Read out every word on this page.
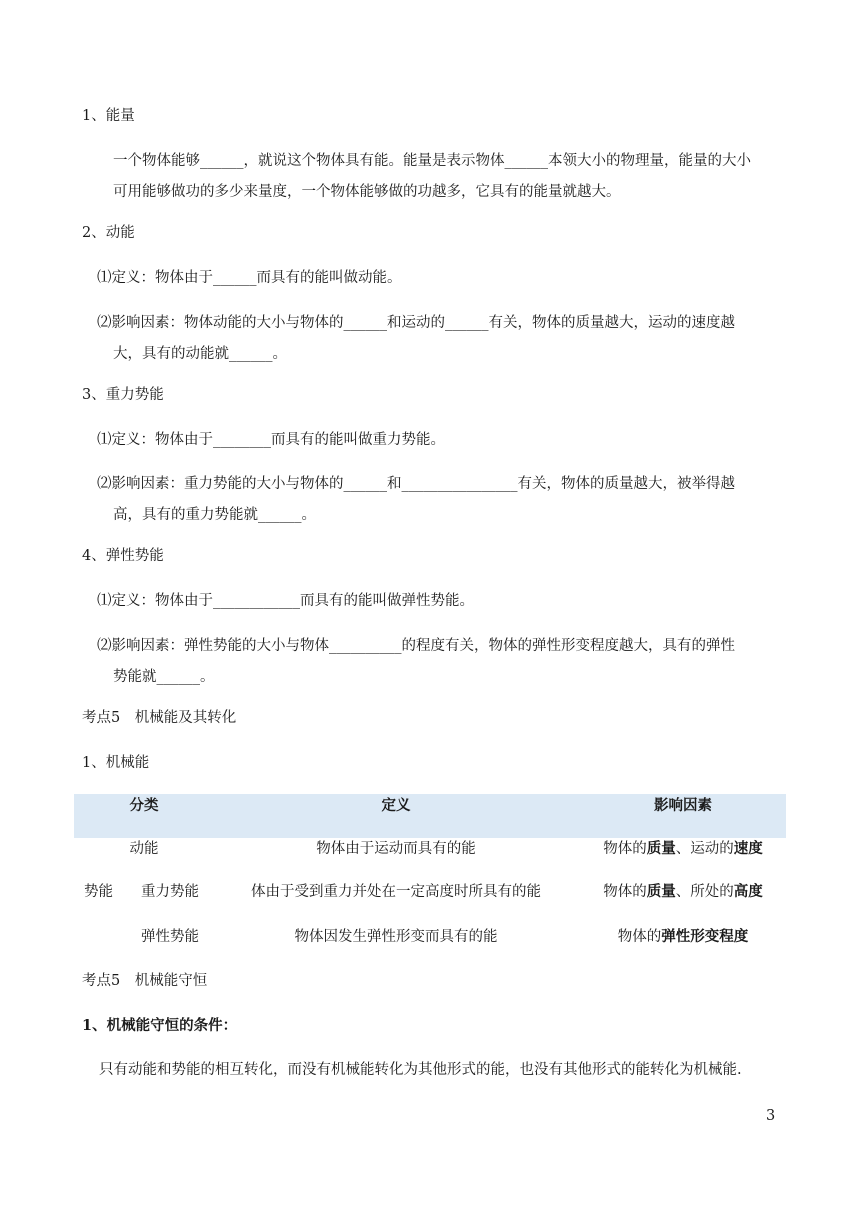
1、能量
一个物体能够______，就说这个物体具有能。能量是表示物体______本领大小的物理量，能量的大小
可用能够做功的多少来量度，一个物体能够做的功越多，它具有的能量就越大。
2、动能
⑴定义：物体由于______而具有的能叫做动能。
⑵影响因素：物体动能的大小与物体的______和运动的______有关，物体的质量越大，运动的速度越
大，具有的动能就______。
3、重力势能
⑴定义：物体由于________而具有的能叫做重力势能。
⑵影响因素：重力势能的大小与物体的______和________________有关，物体的质量越大，被举得越
高，具有的重力势能就______。
4、弹性势能
⑴定义：物体由于____________而具有的能叫做弹性势能。
⑵影响因素：弹性势能的大小与物体__________的程度有关，物体的弹性形变程度越大，具有的弹性
势能就______。
考点5　机械能及其转化
1、机械能
分类	定义	影响因素
动能	物体由于运动而具有的能	物体的质量、运动的速度
势能 重力势能	体由于受到重力并处在一定高度时所具有的能	物体的质量、所处的高度
弹性势能	物体因发生弹性形变而具有的能	物体的弹性形变程度
考点5　机械能守恒
1、机械能守恒的条件：
只有动能和势能的相互转化，而没有机械能转化为其他形式的能，也没有其他形式的能转化为机械能.
3
